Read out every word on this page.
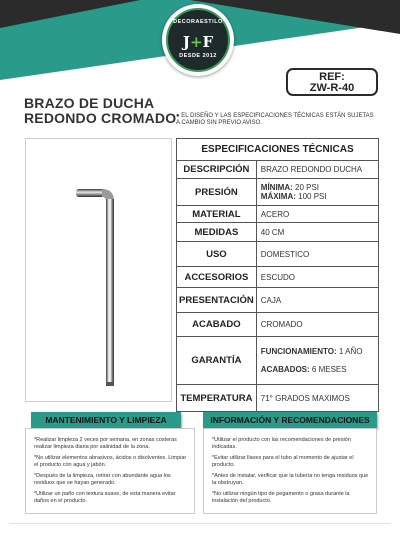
DECORAESTILO
J+F
DESDE 2012
REF:
ZW-R-40
BRAZO DE DUCHA
REDONDO CROMADO ● EL DISEÑO Y LAS ESPECIFICACIONES TÉCNICAS ESTÁN SUJETAS A CAMBIO SIN PREVIO AVISO.
ESPECIFICACIONES TÉCNICAS	
DESCRIPCIÓN	BRAZO REDONDO DUCHA
PRESIÓN	MÍNIMA: 20 PSI
MÁXIMA: 100 PSI

MATERIAL	ACERO
MEDIDAS	40 CM
USO	DOMESTICO
ACCESORIOS	ESCUDO
PRESENTACIÓN	CAJA
ACABADO	CROMADO
GARANTÍA	FUNCIONAMIENTO: 1 AÑO
ACABADOS: 6 MESES

TEMPERATURA	71° GRADOS MAXIMOS
MANTENIMIENTO Y LIMPIEZA

*Realizar limpieza 2 veces por semana, en zonas costeras realizar limpieza diaria por salinidad de la zona.

*No utilizar elementos abrasivos, ácidos o disolventes. Limpiar el producto con agua y jabón.

*Después de la limpieza, retirar con abundante agua los residuos que se hayan generado.

*Utilizar un paño con textura suave, de esta manera evitar daños en el producto.

INFORMACIÓN Y RECOMENDACIONES

*Utilizar el producto con las recomendaciones de presión indicadas.

*Evitar utilizar llaves para el tubo al momento de ajustar el producto.

*Antes de instalar, verificar que la tubería no tenga residuos que la obstruyan.

*No utilizar ningún tipo de pegamento o grasa durante la instalación del producto.
